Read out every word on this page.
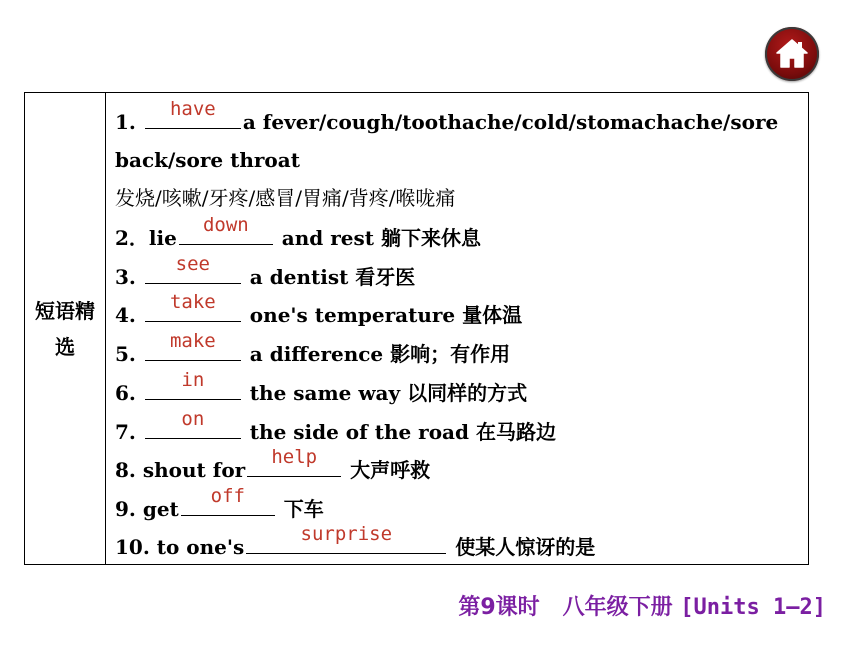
短语精选
1.
have
a fever/cough/toothache/cold/stomachache/sore
back/sore throat
发烧/咳嗽/牙疼/感冒/胃痛/背疼/喉咙痛
2．lie
down
and rest 躺下来休息
3.
see
a dentist 看牙医
4.
take
one's temperature 量体温
5.
make
a difference 影响；有作用
6.
in
the same way 以同样的方式
7.
on
the side of the road 在马路边
8. shout for
help
大声呼救
9. get
off
下车
10. to one's
surprise
使某人惊讶的是
第9课时 八年级下册 [Units 1—2]
